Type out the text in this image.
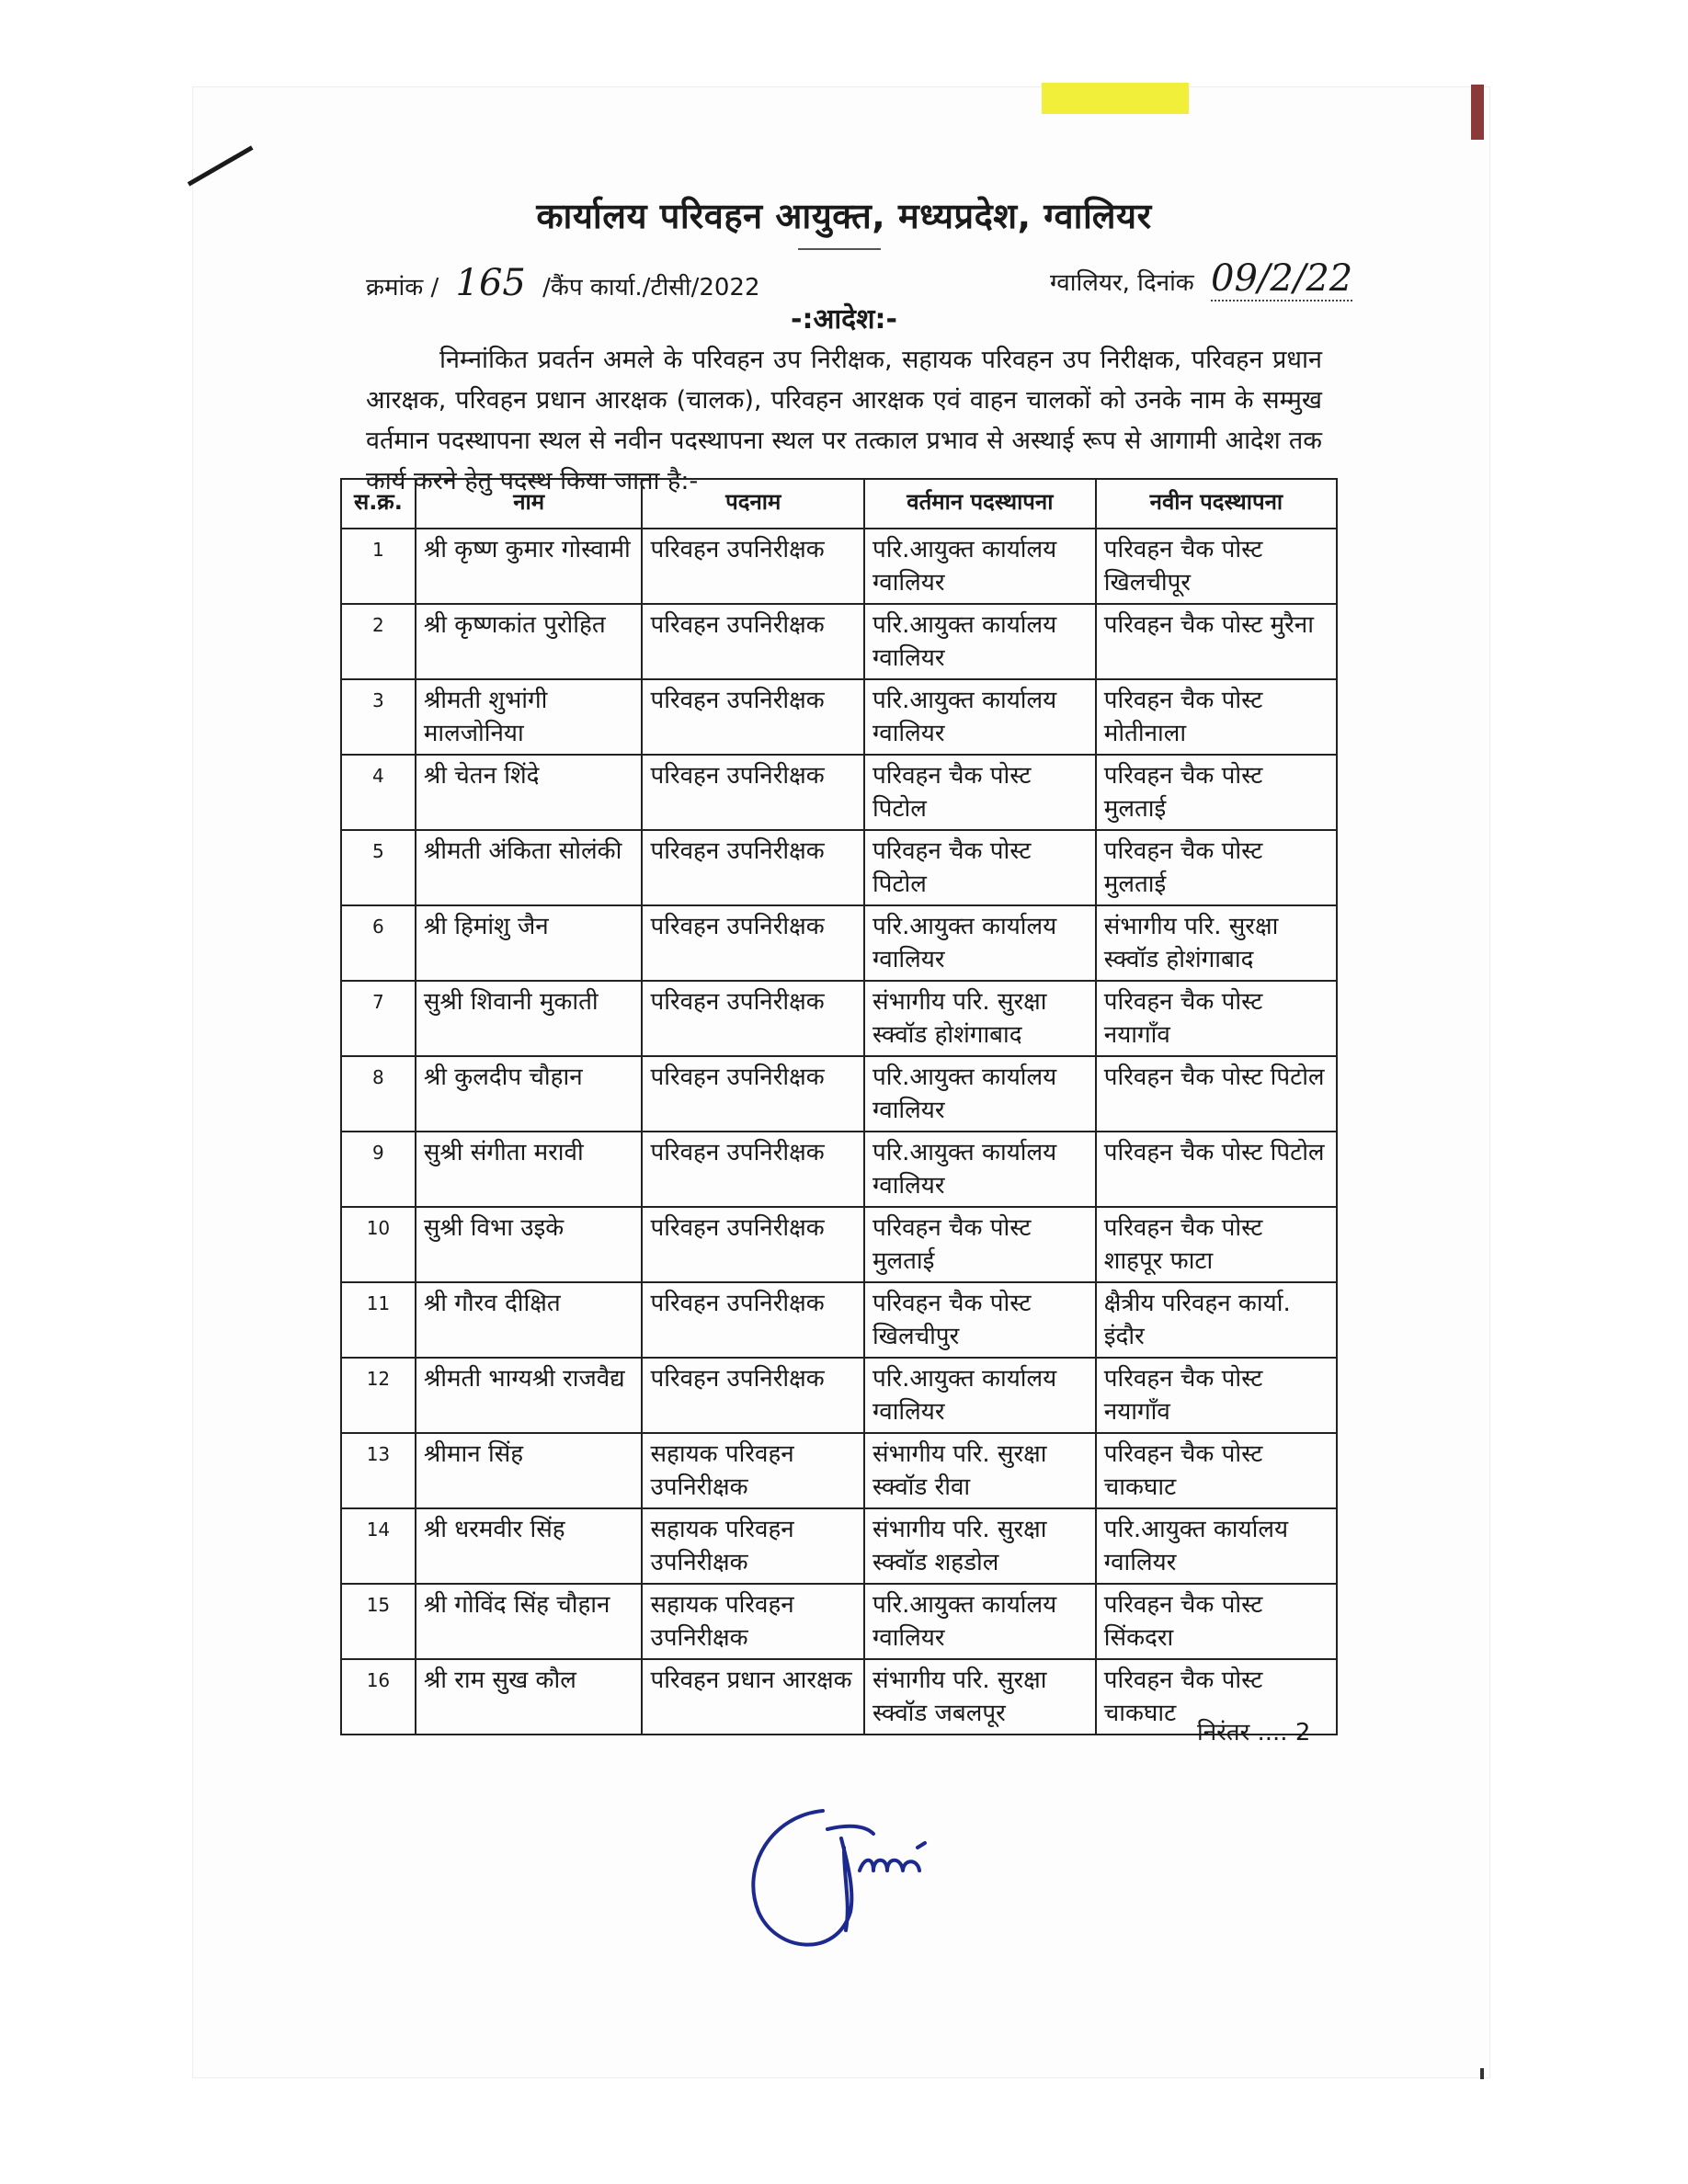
कार्यालय परिवहन आयुक्त, मध्यप्रदेश, ग्वालियर
क्रमांक / 165 /कैंप कार्या./टीसी/2022	ग्वालियर, दिनांक 09/2/22
-:आदेश:-
निम्नांकित प्रवर्तन अमले के परिवहन उप निरीक्षक, सहायक परिवहन उप निरीक्षक, परिवहन प्रधान आरक्षक, परिवहन प्रधान आरक्षक (चालक), परिवहन आरक्षक एवं वाहन चालकों को उनके नाम के सम्मुख वर्तमान पदस्थापना स्थल से नवीन पदस्थापना स्थल पर तत्काल प्रभाव से अस्थाई रूप से आगामी आदेश तक कार्य करने हेतु पदस्थ किया जाता है:-
स.क्र.	नाम	पदनाम	वर्तमान पदस्थापना	नवीन पदस्थापना
1	श्री कृष्ण कुमार गोस्वामी	परिवहन उपनिरीक्षक	परि.आयुक्त कार्यालय ग्वालियर	परिवहन चैक पोस्ट खिलचीपूर
2	श्री कृष्णकांत पुरोहित	परिवहन उपनिरीक्षक	परि.आयुक्त कार्यालय ग्वालियर	परिवहन चैक पोस्ट मुरैना
3	श्रीमती शुभांगी मालजोनिया	परिवहन उपनिरीक्षक	परि.आयुक्त कार्यालय ग्वालियर	परिवहन चैक पोस्ट मोतीनाला
4	श्री चेतन शिंदे	परिवहन उपनिरीक्षक	परिवहन चैक पोस्ट पिटोल	परिवहन चैक पोस्ट मुलताई
5	श्रीमती अंकिता सोलंकी	परिवहन उपनिरीक्षक	परिवहन चैक पोस्ट पिटोल	परिवहन चैक पोस्ट मुलताई
6	श्री हिमांशु जैन	परिवहन उपनिरीक्षक	परि.आयुक्त कार्यालय ग्वालियर	संभागीय परि. सुरक्षा स्क्वॉड होशंगाबाद
7	सुश्री शिवानी मुकाती	परिवहन उपनिरीक्षक	संभागीय परि. सुरक्षा स्क्वॉड होशंगाबाद	परिवहन चैक पोस्ट नयागाँव
8	श्री कुलदीप चौहान	परिवहन उपनिरीक्षक	परि.आयुक्त कार्यालय ग्वालियर	परिवहन चैक पोस्ट पिटोल
9	सुश्री संगीता मरावी	परिवहन उपनिरीक्षक	परि.आयुक्त कार्यालय ग्वालियर	परिवहन चैक पोस्ट पिटोल
10	सुश्री विभा उइके	परिवहन उपनिरीक्षक	परिवहन चैक पोस्ट मुलताई	परिवहन चैक पोस्ट शाहपूर फाटा
11	श्री गौरव दीक्षित	परिवहन उपनिरीक्षक	परिवहन चैक पोस्ट खिलचीपुर	क्षैत्रीय परिवहन कार्या. इंदौर
12	श्रीमती भाग्यश्री राजवैद्य	परिवहन उपनिरीक्षक	परि.आयुक्त कार्यालय ग्वालियर	परिवहन चैक पोस्ट नयागाँव
13	श्रीमान सिंह	सहायक परिवहन उपनिरीक्षक	संभागीय परि. सुरक्षा स्क्वॉड रीवा	परिवहन चैक पोस्ट चाकघाट
14	श्री धरमवीर सिंह	सहायक परिवहन उपनिरीक्षक	संभागीय परि. सुरक्षा स्क्वॉड शहडोल	परि.आयुक्त कार्यालय ग्वालियर
15	श्री गोविंद सिंह चौहान	सहायक परिवहन उपनिरीक्षक	परि.आयुक्त कार्यालय ग्वालियर	परिवहन चैक पोस्ट सिंकदरा
16	श्री राम सुख कौल	परिवहन प्रधान आरक्षक	संभागीय परि. सुरक्षा स्क्वॉड जबलपूर	परिवहन चैक पोस्ट चाकघाट
निरंतर .... 2
